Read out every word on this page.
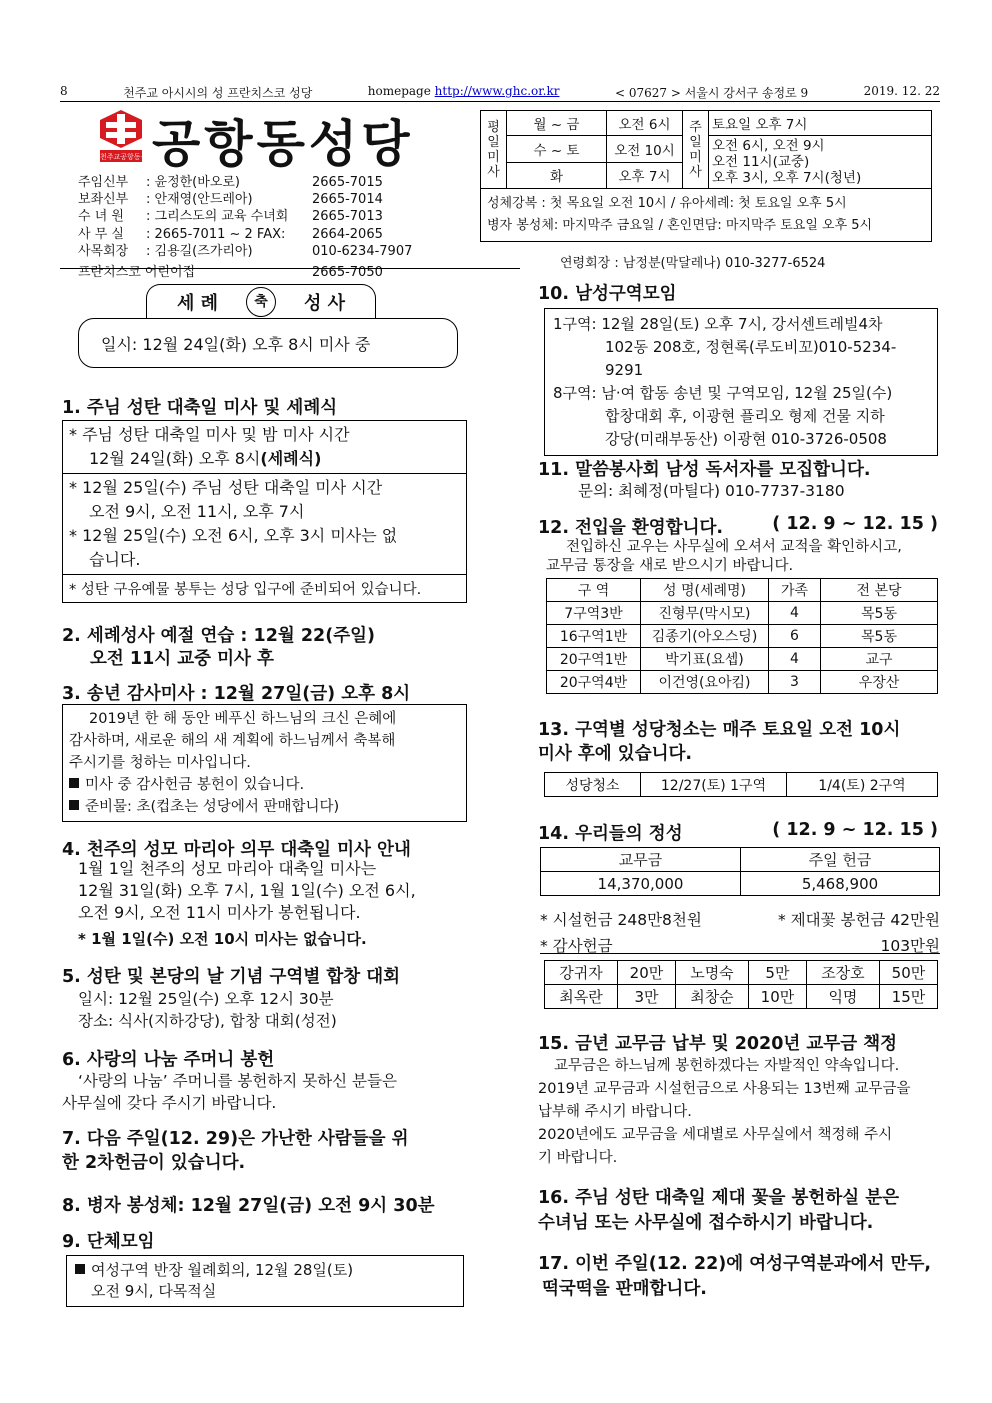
8	천주교 아시시의 성 프란치스코 성당	homepage http://www.ghc.or.kr	< 07627 > 서울시 강서구 송정로 9	2019. 12. 22
천주교공항동성당
공항동성당
주임신부	: 윤정한(바오로)	2665-7015
보좌신부	: 안재영(안드레아)	2665-7014
수 녀 원	: 그리스도의 교육 수녀회	2665-7013
사 무 실	: 2665-7011 ~ 2 FAX:	2664-2065
사목회장	: 김용길(즈가리아)	010-6234-7907
프란치스코 어린이집	2665-7050
평일미사	월 ~ 금	오전 6시	주일미사	토요일 오후 7시
	수 ~ 토	오전 10시		오전 6시, 오전 9시
오전 11시(교중)
오후 3시, 오후 7시(청년)

	화	오후 7시		
성체강복 : 첫 목요일 오전 10시 / 유아세례: 첫 토요일 오후 5시
병자 봉성체: 마지막주 금요일 / 혼인면담: 마지막주 토요일 오후 5시
연령회장 : 남정분(막달레나) 010-3277-6524
세 례	축	성 사
일시: 12월 24일(화) 오후 8시 미사 중
1. 주님 성탄 대축일 미사 및 세례식
* 주님 성탄 대축일 미사 및 밤 미사 시간
12월 24일(화) 오후 8시(세례식)
* 12월 25일(수) 주님 성탄 대축일 미사 시간
오전 9시, 오전 11시, 오후 7시
* 12월 25일(수) 오전 6시, 오후 3시 미사는 없
습니다.
* 성탄 구유예물 봉투는 성당 입구에 준비되어 있습니다.
2. 세례성사 예절 연습 : 12월 22(주일)
오전 11시 교중 미사 후
3. 송년 감사미사 : 12월 27일(금) 오후 8시
2019년 한 해 동안 베푸신 하느님의 크신 은혜에
감사하며, 새로운 해의 새 계획에 하느님께서 축복해
주시기를 청하는 미사입니다.
미사 중 감사헌금 봉헌이 있습니다.
준비물: 초(컵초는 성당에서 판매합니다)
4. 천주의 성모 마리아 의무 대축일 미사 안내
1월 1일 천주의 성모 마리아 대축일 미사는
12월 31일(화) 오후 7시, 1월 1일(수) 오전 6시,
오전 9시, 오전 11시 미사가 봉헌됩니다.
* 1월 1일(수) 오전 10시 미사는 없습니다.
5. 성탄 및 본당의 날 기념 구역별 합창 대회
일시: 12월 25일(수) 오후 12시 30분
장소: 식사(지하강당), 합창 대회(성전)
6. 사랑의 나눔 주머니 봉헌
‘사랑의 나눔’ 주머니를 봉헌하지 못하신 분들은
사무실에 갖다 주시기 바랍니다.
7. 다음 주일(12. 29)은 가난한 사람들을 위
한 2차헌금이 있습니다.
8. 병자 봉성체: 12월 27일(금) 오전 9시 30분
9. 단체모임
여성구역 반장 월례회의, 12월 28일(토)
오전 9시, 다목적실
10. 남성구역모임
1구역: 12월 28일(토) 오후 7시, 강서센트레빌4차
102동 208호, 정현록(루도비꼬)010-5234-9291
8구역: 남·여 합동 송년 및 구역모임, 12월 25일(수)
합창대회 후, 이광현 플리오 형제 건물 지하
강당(미래부동산) 이광현 010-3726-0508
11. 말씀봉사회 남성 독서자를 모집합니다.
문의: 최혜정(마틸다) 010-7737-3180
12. 전입을 환영합니다.	( 12. 9 ~ 12. 15 )
전입하신 교우는 사무실에 오셔서 교적을 확인하시고,
교무금 통장을 새로 받으시기 바랍니다.
구 역	성 명(세례명)	가족	전 본당
7구역3반	진형무(막시모)	4	목5동
16구역1반	김종기(아오스딩)	6	목5동
20구역1반	박기표(요셉)	4	교구
20구역4반	이건영(요아킴)	3	우장산
13. 구역별 성당청소는 매주 토요일 오전 10시
미사 후에 있습니다.
성당청소	12/27(토) 1구역	1/4(토) 2구역
14. 우리들의 정성	( 12. 9 ~ 12. 15 )
교무금	주일 헌금
14,370,000	5,468,900
* 시설헌금 248만8천원	* 제대꽃 봉헌금 42만원
* 감사헌금	103만원
강귀자	20만	노명숙	5만	조장호	50만
최옥란	3만	최창순	10만	익명	15만
15. 금년 교무금 납부 및 2020년 교무금 책정
교무금은 하느님께 봉헌하겠다는 자발적인 약속입니다.
2019년 교무금과 시설헌금으로 사용되는 13번째 교무금을
납부해 주시기 바랍니다.
2020년에도 교무금을 세대별로 사무실에서 책정해 주시
기 바랍니다.
16. 주님 성탄 대축일 제대 꽃을 봉헌하실 분은
수녀님 또는 사무실에 접수하시기 바랍니다.
17. 이번 주일(12. 22)에 여성구역분과에서 만두,
떡국떡을 판매합니다.
